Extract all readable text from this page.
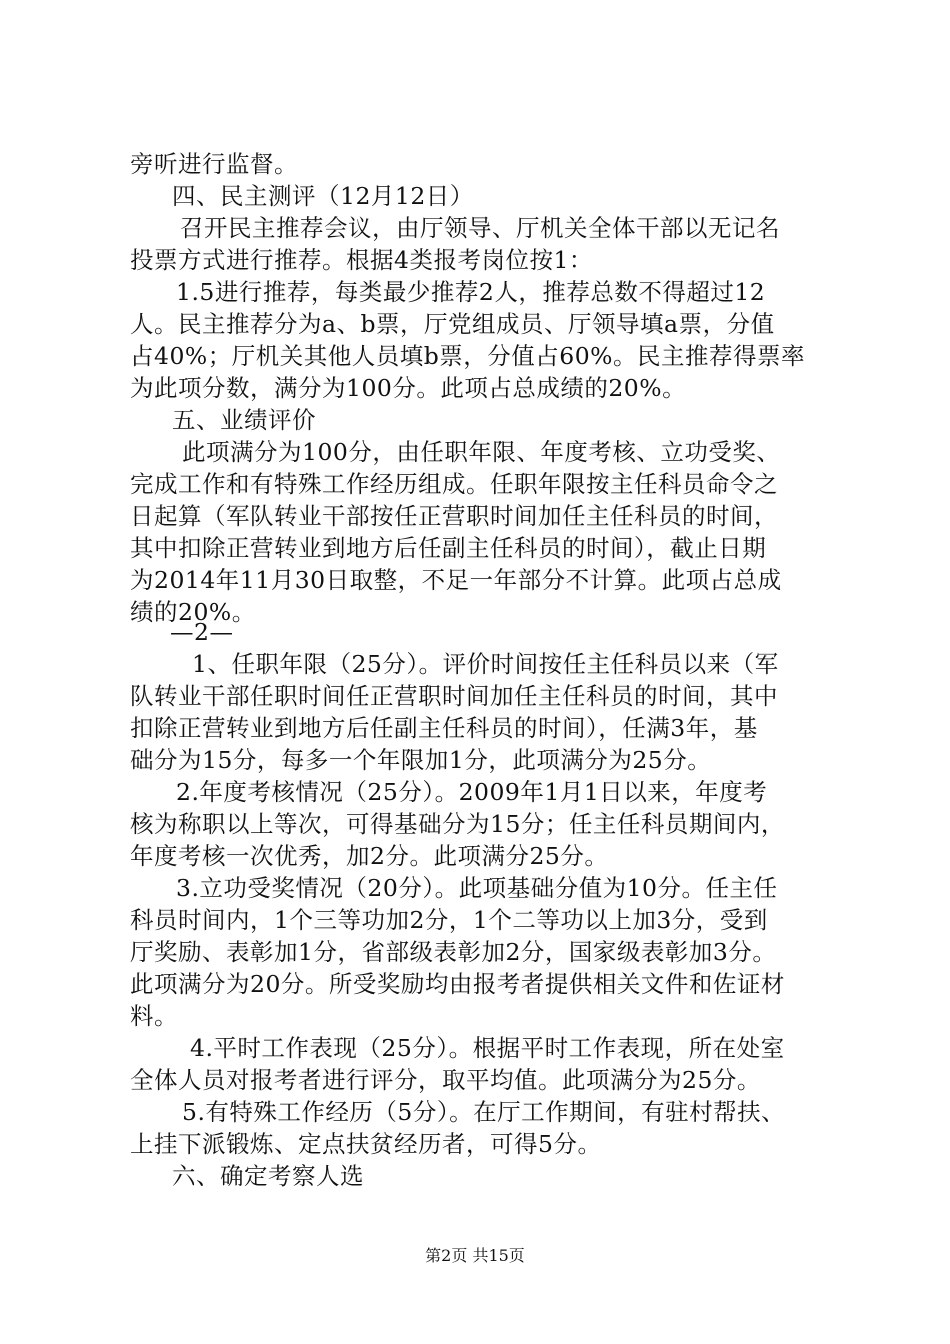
旁听进行监督。
四、民主测评（12月12日）
召开民主推荐会议，由厅领导、厅机关全体干部以无记名
投票方式进行推荐。根据4类报考岗位按1：
1.5进行推荐，每类最少推荐2人，推荐总数不得超过12
人。民主推荐分为a、b票，厅党组成员、厅领导填a票，分值
占40%；厅机关其他人员填b票，分值占60%。民主推荐得票率
为此项分数，满分为100分。此项占总成绩的20%。
五、业绩评价
此项满分为100分，由任职年限、年度考核、立功受奖、
完成工作和有特殊工作经历组成。任职年限按主任科员命令之
日起算（军队转业干部按任正营职时间加任主任科员的时间，
其中扣除正营转业到地方后任副主任科员的时间），截止日期
为2014年11月30日取整，不足一年部分不计算。此项占总成
绩的20%。
—2—
1、任职年限（25分）。评价时间按任主任科员以来（军
队转业干部任职时间任正营职时间加任主任科员的时间，其中
扣除正营转业到地方后任副主任科员的时间），任满3年，基
础分为15分，每多一个年限加1分，此项满分为25分。
2.年度考核情况（25分）。2009年1月1日以来，年度考
核为称职以上等次，可得基础分为15分；任主任科员期间内，
年度考核一次优秀，加2分。此项满分25分。
3.立功受奖情况（20分）。此项基础分值为10分。任主任
科员时间内，1个三等功加2分，1个二等功以上加3分，受到
厅奖励、表彰加1分，省部级表彰加2分，国家级表彰加3分。
此项满分为20分。所受奖励均由报考者提供相关文件和佐证材
料。
4.平时工作表现（25分）。根据平时工作表现，所在处室
全体人员对报考者进行评分，取平均值。此项满分为25分。
5.有特殊工作经历（5分）。在厅工作期间，有驻村帮扶、
上挂下派锻炼、定点扶贫经历者，可得5分。
六、确定考察人选
第2页 共15页
